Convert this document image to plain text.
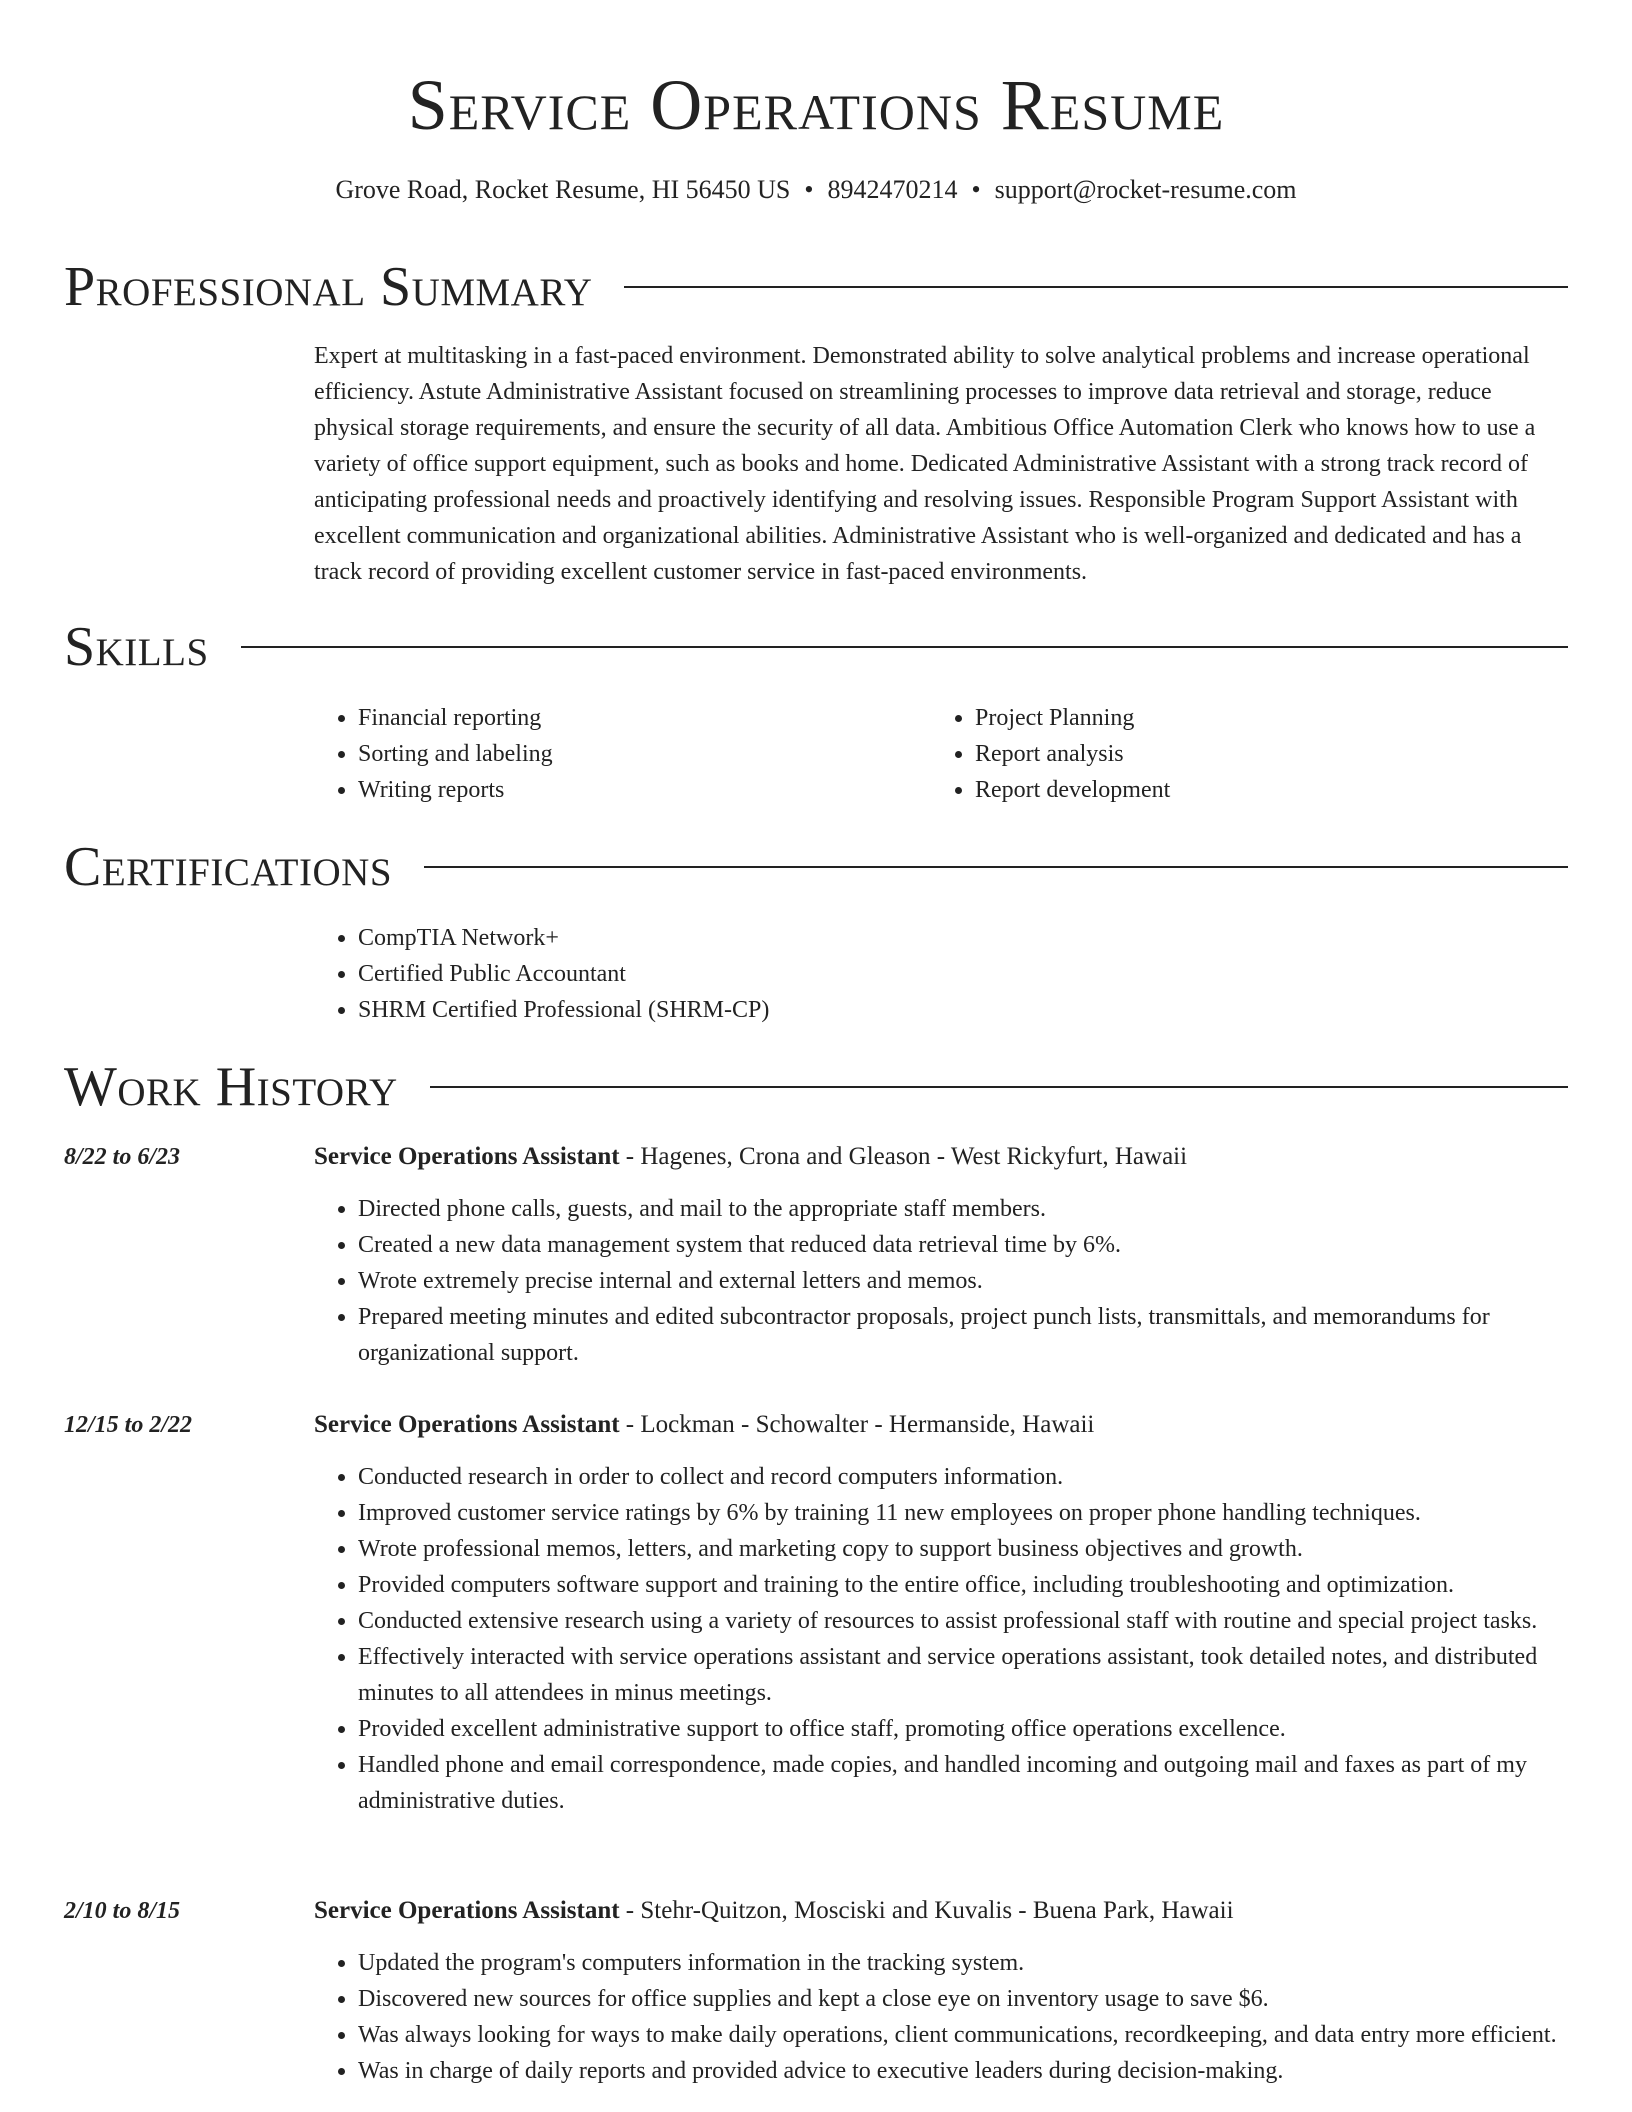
Service Operations Resume
Grove Road, Rocket Resume, HI 56450 US • 8942470214 • support@rocket-resume.com
Professional Summary

Expert at multitasking in a fast-paced environment. Demonstrated ability to solve analytical problems and increase operational efficiency. Astute Administrative Assistant focused on streamlining processes to improve data retrieval and storage, reduce physical storage requirements, and ensure the security of all data. Ambitious Office Automation Clerk who knows how to use a variety of office support equipment, such as books and home. Dedicated Administrative Assistant with a strong track record of anticipating professional needs and proactively identifying and resolving issues. Responsible Program Support Assistant with excellent communication and organizational abilities. Administrative Assistant who is well-organized and dedicated and has a track record of providing excellent customer service in fast-paced environments.

Skills
• Financial reporting
• Sorting and labeling
• Writing reports
• Project Planning
• Report analysis
• Report development
Certifications
• CompTIA Network+
• Certified Public Accountant
• SHRM Certified Professional (SHRM-CP)
Work History
8/22 to 6/23	Service Operations Assistant - Hagenes, Crona and Gleason - West Rickyfurt, Hawaii
• Directed phone calls, guests, and mail to the appropriate staff members.
• Created a new data management system that reduced data retrieval time by 6%.
• Wrote extremely precise internal and external letters and memos.
• Prepared meeting minutes and edited subcontractor proposals, project punch lists, transmittals, and memorandums for organizational support.
12/15 to 2/22	Service Operations Assistant - Lockman - Schowalter - Hermanside, Hawaii
• Conducted research in order to collect and record computers information.
• Improved customer service ratings by 6% by training 11 new employees on proper phone handling techniques.
• Wrote professional memos, letters, and marketing copy to support business objectives and growth.
• Provided computers software support and training to the entire office, including troubleshooting and optimization.
• Conducted extensive research using a variety of resources to assist professional staff with routine and special project tasks.
• Effectively interacted with service operations assistant and service operations assistant, took detailed notes, and distributed minutes to all attendees in minus meetings.
• Provided excellent administrative support to office staff, promoting office operations excellence.
• Handled phone and email correspondence, made copies, and handled incoming and outgoing mail and faxes as part of my administrative duties.
2/10 to 8/15	Service Operations Assistant - Stehr-Quitzon, Mosciski and Kuvalis - Buena Park, Hawaii
• Updated the program's computers information in the tracking system.
• Discovered new sources for office supplies and kept a close eye on inventory usage to save $6.
• Was always looking for ways to make daily operations, client communications, recordkeeping, and data entry more efficient.
• Was in charge of daily reports and provided advice to executive leaders during decision-making.
